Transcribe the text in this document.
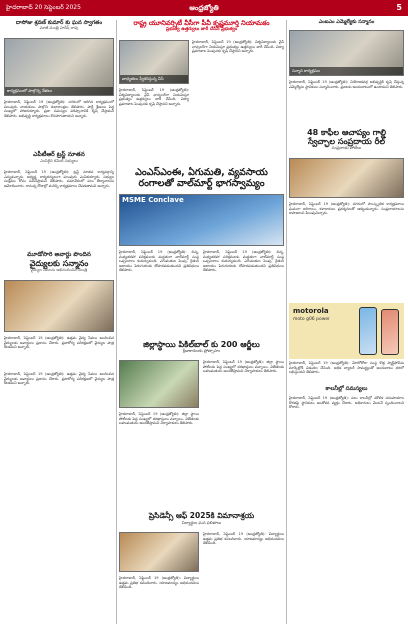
హైదరాబాద్ 20 సెప్టెంబర్ 2025	ఆంధ్రజ్యోతి	5
దాసోజు శ్రవణ్ కుమార్ కు ఘన స్వాగతం
మాజీ మంత్రి హరీష్ రావు
కార్యక్రమంలో పాల్గొన్న నేతలు
హైదరాబాద్, సెప్టెంబర్ 19 (ఆంధ్రజ్యోతి): నగరంలో జరిగిన కార్యక్రమంలో పలువురు నాయకులు పాల్గొని శుభాకాంక్షలు తెలిపారు. పార్టీ శ్రేణులు పెద్ద సంఖ్యలో హాజరయ్యారు. ప్రజా సమస్యల పరిష్కారానికి కృషి చేస్తామని తెలిపారు. అభివృద్ధి కార్యక్రమాలు కొనసాగుతాయని అన్నారు.
ఎపీటీఆర్ ట్రస్ట్ నూతన
ఎంపికైన కమిటీ సభ్యులు
హైదరాబాద్, సెప్టెంబర్ 19 (ఆంధ్రజ్యోతి): ట్రస్ట్ నూతన కార్యవర్గాన్ని ఎన్నుకున్నారు. అధ్యక్ష, కార్యదర్శులుగా పలువురు ఎంపికయ్యారు. సభ్యుల సంక్షేమం కోసం పనిచేస్తామని తెలిపారు. సమావేశంలో పలు తీర్మానాలను ఆమోదించారు. రానున్న రోజుల్లో మరిన్ని కార్యక్రమాలు చేపడతామని అన్నారు.
మూడోసారి అవార్డు పొందిన
వైద్యులకు సన్మానం
వైద్యుల సేవలను అభినందించిన మంత్రి
హైదరాబాద్, సెప్టెంబర్ 19 (ఆంధ్రజ్యోతి): ఉత్తమ వైద్య సేవలు అందించిన వైద్యులకు అవార్డులు ప్రదానం చేశారు. ప్రజారోగ్య పరిరక్షణలో వైద్యుల పాత్ర కీలకమని అన్నారు.
హైదరాబాద్, సెప్టెంబర్ 19 (ఆంధ్రజ్యోతి): ఉత్తమ వైద్య సేవలు అందించిన వైద్యులకు అవార్డులు ప్రదానం చేశారు. ప్రజారోగ్య పరిరక్షణలో వైద్యుల పాత్ర కీలకమని అన్నారు.
రాష్ట్ర యూనివర్సిటీ వీసీగా పీవీ కృష్ణమూర్తి నియామకం
ప్రభుత్వ ఉత్తర్వులు జారీ చేసిన ప్రభుత్వం
బాధ్యతలు స్వీకరిస్తున్న వీసీ
హైదరాబాద్, సెప్టెంబర్ 19 (ఆంధ్రజ్యోతి): విశ్వవిద్యాలయ వైస్ ఛాన్సలర్‌గా నియమిస్తూ ప్రభుత్వం ఉత్తర్వులు జారీ చేసింది. విద్యా ప్రమాణాల పెంపునకు కృషి చేస్తానని అన్నారు.
హైదరాబాద్, సెప్టెంబర్ 19 (ఆంధ్రజ్యోతి): విశ్వవిద్యాలయ వైస్ ఛాన్సలర్‌గా నియమిస్తూ ప్రభుత్వం ఉత్తర్వులు జారీ చేసింది. విద్యా ప్రమాణాల పెంపునకు కృషి చేస్తానని అన్నారు.
ఎంఎస్ఎంఈ, ఏగుమతి, వ్యవసాయ
రంగాలతో వాల్‌మార్ట్ భాగస్వామ్యం
MSME Conclave
హైదరాబాద్, సెప్టెంబర్ 19 (ఆంధ్రజ్యోతి): చిన్న, మధ్యతరహా పరిశ్రమలకు మద్దతుగా వాల్‌మార్ట్ సంస్థ ఒప్పందాలు కుదుర్చుకుంది. ఎగుమతుల పెంపు, రైతుల ఆదాయం పెరుగుదలకు దోహదపడుతుందని ప్రతినిధులు తెలిపారు.
హైదరాబాద్, సెప్టెంబర్ 19 (ఆంధ్రజ్యోతి): చిన్న, మధ్యతరహా పరిశ్రమలకు మద్దతుగా వాల్‌మార్ట్ సంస్థ ఒప్పందాలు కుదుర్చుకుంది. ఎగుమతుల పెంపు, రైతుల ఆదాయం పెరుగుదలకు దోహదపడుతుందని ప్రతినిధులు తెలిపారు.
జిల్లాస్థాయి పికిల్‌బాల్ కు 200 ఆర్జీలు
క్రీడాకారులకు ప్రోత్సాహం
హైదరాబాద్, సెప్టెంబర్ 19 (ఆంధ్రజ్యోతి): జిల్లా స్థాయి పోటీలకు పెద్ద సంఖ్యలో దరఖాస్తులు వచ్చాయి. విజేతలకు బహుమతులు అందజేస్తామని నిర్వాహకులు తెలిపారు.
హైదరాబాద్, సెప్టెంబర్ 19 (ఆంధ్రజ్యోతి): జిల్లా స్థాయి పోటీలకు పెద్ద సంఖ్యలో దరఖాస్తులు వచ్చాయి. విజేతలకు బహుమతులు అందజేస్తామని నిర్వాహకులు తెలిపారు.
ప్రెసిడెన్సీ ఆఫ్ 2025కి విమానాశ్రయ
విద్యార్థుల ఘన ఫలితాలు
హైదరాబాద్, సెప్టెంబర్ 19 (ఆంధ్రజ్యోతి): విద్యార్థులు ఉత్తమ ప్రతిభ కనబరిచారు. యాజమాన్యం అభినందనలు తెలిపింది.
హైదరాబాద్, సెప్టెంబర్ 19 (ఆంధ్రజ్యోతి): విద్యార్థులు ఉత్తమ ప్రతిభ కనబరిచారు. యాజమాన్యం అభినందనలు తెలిపింది.
ఎంఐఎం ఎమ్మెల్యేకు సన్మానం
సన్మాన కార్యక్రమం
హైదరాబాద్, సెప్టెంబర్ 19 (ఆంధ్రజ్యోతి): నియోజకవర్గ అభివృద్ధికి కృషి చేస్తున్న ఎమ్మెల్యేను స్థానికులు సన్మానించారు. ప్రజలకు అందుబాటులో ఉంటామని తెలిపారు.
48 కాఫీల ఆచాప్యం గాల్లి
స్వేచ్ఛాల సంప్రదాయ రీల్
సంప్రదాయ పోటీలు
హైదరాబాద్, సెప్టెంబర్ 19 (ఆంధ్రజ్యోతి): నగరంలో సాంస్కృతిక కార్యక్రమాలు ఘనంగా జరిగాయి. కళాకారులు ప్రదర్శనలతో ఆకట్టుకున్నారు. సంప్రదాయాలను కాపాడాలని పిలుపునిచ్చారు.
motorola
moto g06 power
హైదరాబాద్, సెప్టెంబర్ 19 (ఆంధ్రజ్యోతి): మోటోరోలా సంస్థ కొత్త స్మార్ట్‌ఫోన్‌ను మార్కెట్లోకి విడుదల చేసింది. అధిక బ్యాటరీ సామర్థ్యంతో అందుబాటు ధరలో లభిస్తుందని తెలిపారు.
కాలనీల్లో సమస్యలు
హైదరాబాద్, సెప్టెంబర్ 19 (ఆంధ్రజ్యోతి): పలు కాలనీల్లో మౌలిక సదుపాయాల కొరతపై స్థానికులు ఆందోళన వ్యక్తం చేశారు. అధికారులు వెంటనే స్పందించాలని కోరారు.
